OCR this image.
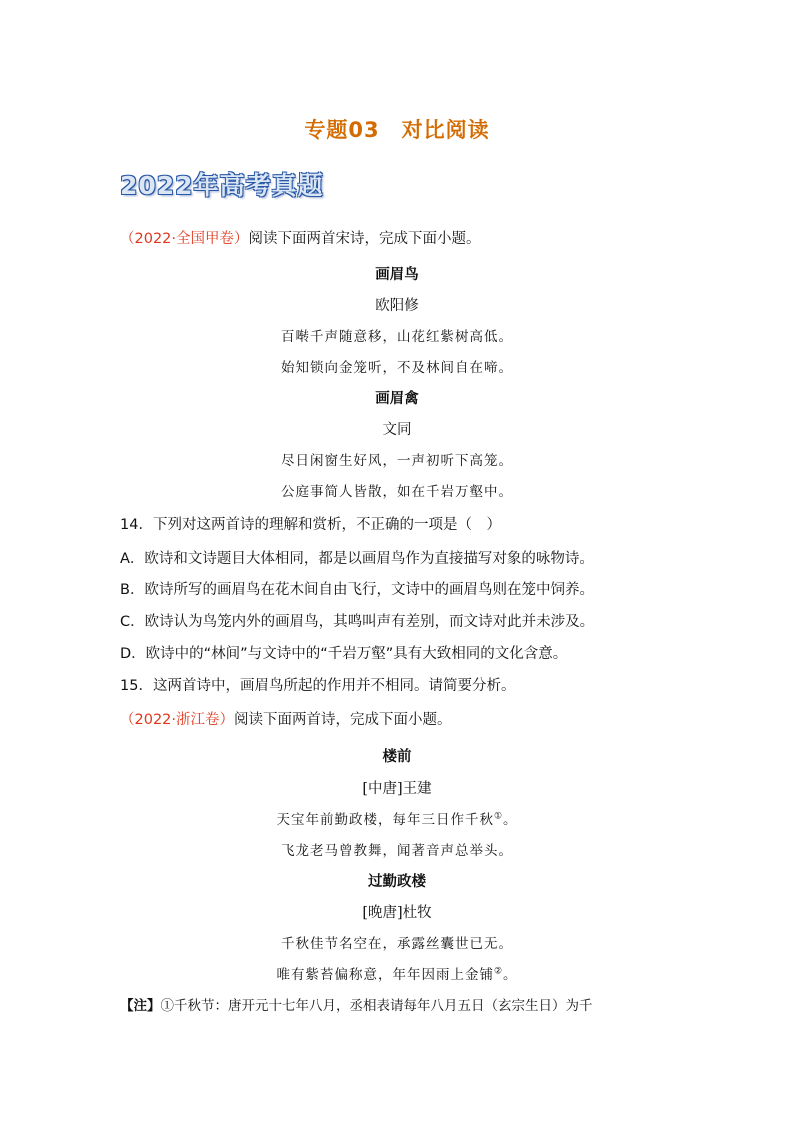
专题03　对比阅读
2022年高考真题
（2022·全国甲卷）阅读下面两首宋诗，完成下面小题。
画眉鸟
欧阳修
百啭千声随意移，山花红紫树高低。
始知锁向金笼听，不及林间自在啼。
画眉禽
文同
尽日闲窗生好风，一声初听下高笼。
公庭事简人皆散，如在千岩万壑中。
14．下列对这两首诗的理解和赏析，不正确的一项是（　）
A．欧诗和文诗题目大体相同，都是以画眉鸟作为直接描写对象的咏物诗。
B．欧诗所写的画眉鸟在花木间自由飞行，文诗中的画眉鸟则在笼中饲养。
C．欧诗认为鸟笼内外的画眉鸟，其鸣叫声有差别，而文诗对此并未涉及。
D．欧诗中的“林间”与文诗中的“千岩万壑”具有大致相同的文化含意。
15．这两首诗中，画眉鸟所起的作用并不相同。请简要分析。
（2022·浙江卷）阅读下面两首诗，完成下面小题。
楼前
[中唐]王建
天宝年前勤政楼，每年三日作千秋①。
飞龙老马曾教舞，闻著音声总举头。
过勤政楼
[晚唐]杜牧
千秋佳节名空在，承露丝囊世已无。
唯有紫苔偏称意，年年因雨上金铺②。
【注】①千秋节：唐开元十七年八月，丞相表请每年八月五日（玄宗生日）为千
